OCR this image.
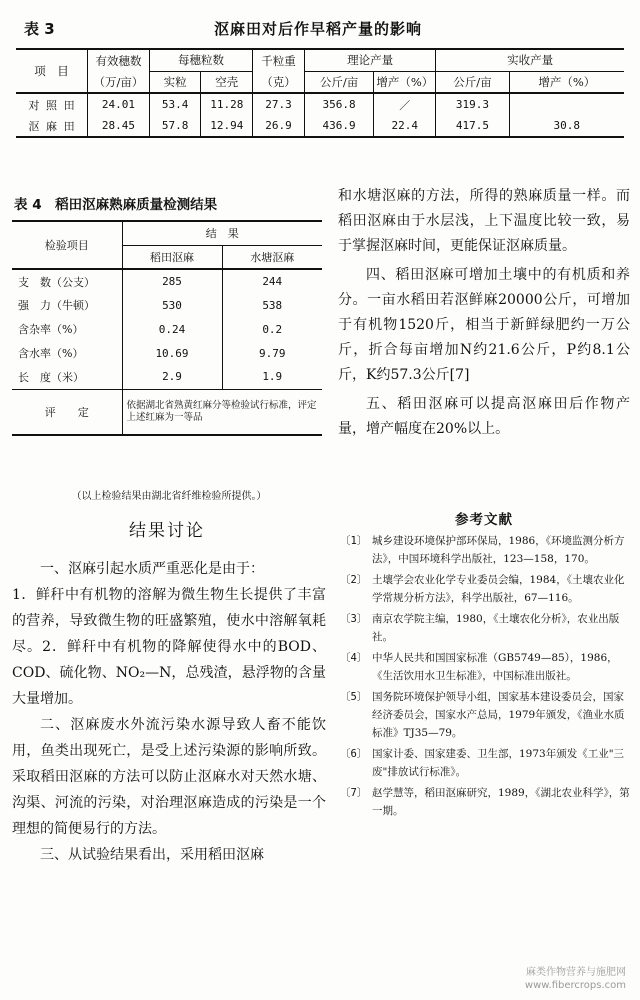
表 3	沤麻田对后作早稻产量的影响
项　目	有效穗数	每穗粒数		千粒重	理论产量		实收产量	
	（万/亩）	实粒	空壳	（克）	公斤/亩	增产（%）	公斤/亩	增产（%）
对 照 田	24.01	53.4	11.28	27.3	356.8	／	319.3	
沤 麻 田	28.45	57.8	12.94	26.9	436.9	22.4	417.5	30.8
表 4　稻田沤麻熟麻质量检测结果
检验项目	结　果	
	稻田沤麻	水塘沤麻
支　数（公支）	285	244
强　力（牛顿）	530	538
含杂率（%）	0.24	0.2
含水率（%）	10.69	9.79
长　度（米）	2.9	1.9
评　　定	依据湖北省熟黄红麻分等检验试行标准，评定上述红麻为一等品	
（以上检验结果由湖北省纤维检验所提供。）
结果讨论

一、沤麻引起水质严重恶化是由于：

1．鲜秆中有机物的溶解为微生物生长提供了丰富的营养，导致微生物的旺盛繁殖，使水中溶解氧耗尽。2．鲜秆中有机物的降解使得水中的BOD、COD、硫化物、NO₂—N，总残渣，悬浮物的含量大量增加。

二、沤麻废水外流污染水源导致人畜不能饮用，鱼类出现死亡，是受上述污染源的影响所致。采取稻田沤麻的方法可以防止沤麻水对天然水塘、沟渠、河流的污染，对治理沤麻造成的污染是一个理想的简便易行的方法。

三、从试验结果看出，采用稻田沤麻

和水塘沤麻的方法，所得的熟麻质量一样。而稻田沤麻由于水层浅，上下温度比较一致，易于掌握沤麻时间，更能保证沤麻质量。

四、稻田沤麻可增加土壤中的有机质和养分。一亩水稻田若沤鲜麻20000公斤，可增加于有机物1520斤，相当于新鲜绿肥约一万公斤，折合每亩增加N约21.6公斤，P约8.1公斤，K约57.3公斤[7]

五、稻田沤麻可以提高沤麻田后作物产量，增产幅度在20%以上。

参考文献
〔1〕 城乡建设环境保护部环保局，1986，《环境监测分析方法》，中国环境科学出版社，123—158，170。
〔2〕 土壤学会农业化学专业委员会编，1984，《土壤农业化学常规分析方法》，科学出版社，67—116。
〔3〕 南京农学院主编，1980，《土壤农化分析》，农业出版社。
〔4〕 中华人民共和国国家标准（GB5749—85），1986，《生活饮用水卫生标准》，中国标准出版社。
〔5〕 国务院环境保护领导小组，国家基本建设委员会，国家经济委员会，国家水产总局，1979年颁发，《渔业水质标准》TJ35—79。
〔6〕 国家计委、国家建委、卫生部，1973年颁发《工业"三废"排放试行标准》。
〔7〕 赵学慧等，稻田沤麻研究，1989，《湖北农业科学》，第一期。
麻类作物营养与施肥网
www.fibercrops.com
